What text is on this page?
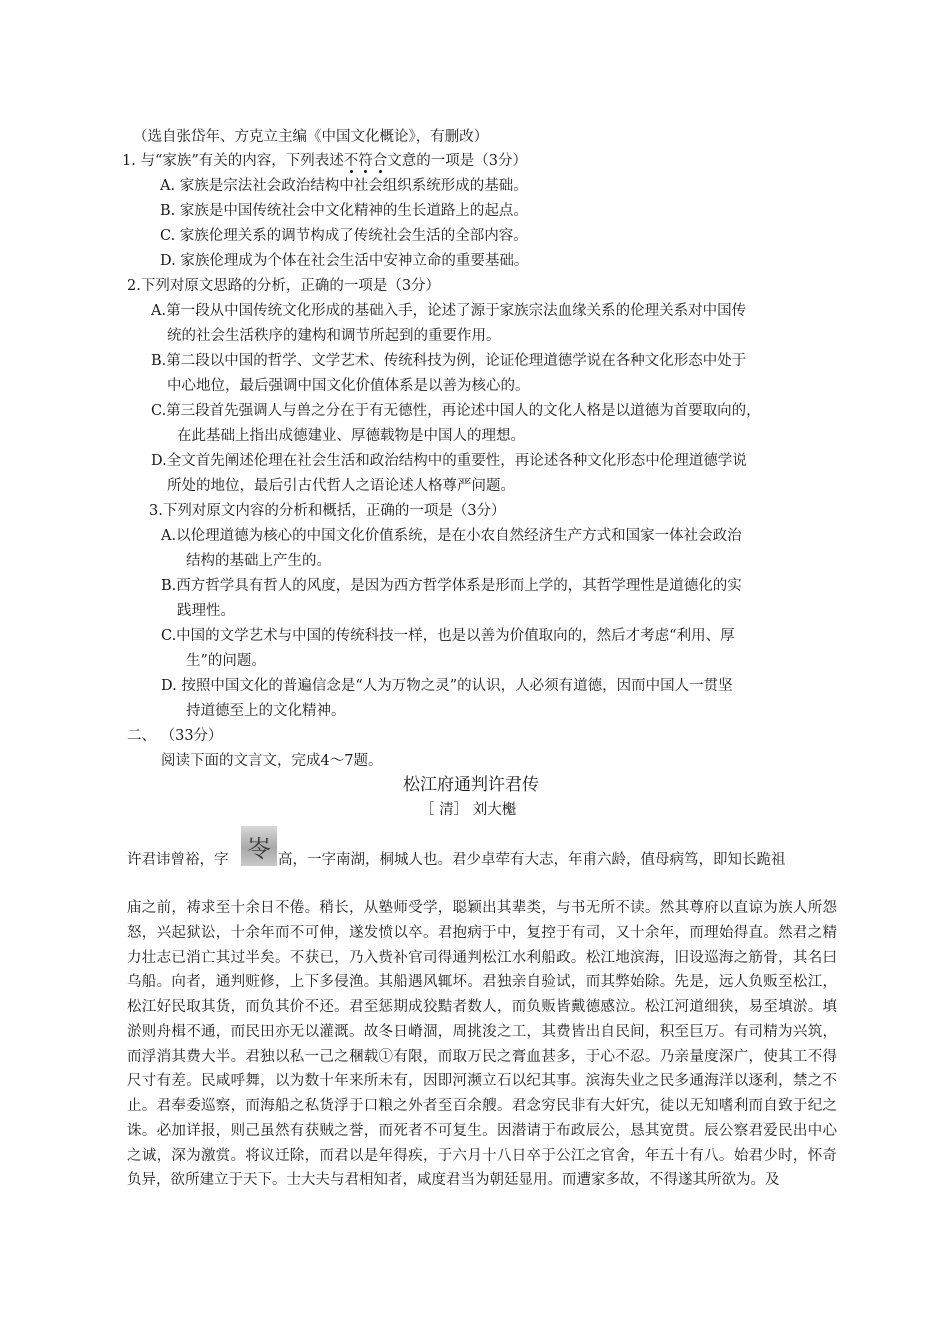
（选自张岱年、方克立主编《中国文化概论》，有删改）
1. 与“家族”有关的内容，下列表述不符合文意的一项是（3分）
A. 家族是宗法社会政治结构中社会组织系统形成的基础。
B. 家族是中国传统社会中文化精神的生长道路上的起点。
C. 家族伦理关系的调节构成了传统社会生活的全部内容。
D. 家族伦理成为个体在社会生活中安神立命的重要基础。
2.下列对原文思路的分析，正确的一项是（3分）
A.第一段从中国传统文化形成的基础入手，论述了源于家族宗法血缘关系的伦理关系对中国传
统的社会生活秩序的建构和调节所起到的重要作用。
B.第二段以中国的哲学、文学艺术、传统科技为例，论证伦理道德学说在各种文化形态中处于
中心地位，最后强调中国文化价值体系是以善为核心的。
C.第三段首先强调人与兽之分在于有无德性，再论述中国人的文化人格是以道德为首要取向的，
在此基础上指出成德建业、厚德载物是中国人的理想。
D.全文首先阐述伦理在社会生活和政治结构中的重要性，再论述各种文化形态中伦理道德学说
所处的地位，最后引古代哲人之语论述人格尊严问题。
3.下列对原文内容的分析和概括，正确的一项是（3分）
A.以伦理道德为核心的中国文化价值系统，是在小农自然经济生产方式和国家一体社会政治
结构的基础上产生的。
B.西方哲学具有哲人的风度，是因为西方哲学体系是形而上学的，其哲学理性是道德化的实
践理性。
C.中国的文学艺术与中国的传统科技一样，也是以善为价值取向的，然后才考虑“利用、厚
生”的问题。
D. 按照中国文化的普遍信念是“人为万物之灵”的认识，人必须有道德，因而中国人一贯坚
持道德至上的文化精神。
二、 （33分）
阅读下面的文言文，完成4～7题。
松江府通判许君传
［ 清］ 刘大櫆
许君讳曾裕，字 岺 高，一字南湖，桐城人也。君少卓荦有大志，年甫六龄，值母病笃，即知长跪祖
庙之前，祷求至十余日不倦。稍长，从塾师受学，聪颖出其辈类，与书无所不读。然其尊府以直谅为族人所怨怒，兴起狱讼，十余年而不可伸，遂发愤以卒。君抱病于中，复控于有司，又十余年，而理始得直。然君之精力壮志已消亡其过半矣。不获已，乃入赀补官司得通判松江水利船政。松江地滨海，旧设巡海之筋骨，其名曰乌船。向者，通判赃修，上下多侵渔。其船遇风辄坏。君独亲自验试，而其弊始除。先是，远人负贩至松江，松江好民取其货，而负其价不还。君至惩期成狡黠者数人，而负贩皆戴德感泣。松江河道细狭，易至填淤。填淤则舟楫不通，而民田亦无以灌溉。故冬日嵴涸，周挑浚之工，其费皆出自民间，积至巨万。有司精为兴筑，而浮消其费大半。君独以私一己之稛载①有限，而取万民之膏血甚多，于心不忍。乃亲量度深广，使其工不得尺寸有差。民咸呼舞，以为数十年来所未有，因即河濒立石以纪其事。滨海失业之民多通海洋以逐利，禁之不止。君奉委巡察，而海船之私货浮于口粮之外者至百余艘。君念穷民非有大奸宄，徒以无知嗜利而自致于纪之诛。必加详报，则己虽然有获贼之誉，而死者不可复生。因潜请于布政辰公，恳其宽贯。辰公察君爱民出中心之诚，深为激赏。将议迁除，而君以是年得疾，于六月十八日卒于公江之官舍，年五十有八。始君少时，怀奇负异，欲所建立于天下。士大夫与君相知者，咸度君当为朝廷显用。而遭家多故，不得遂其所欲为。及
